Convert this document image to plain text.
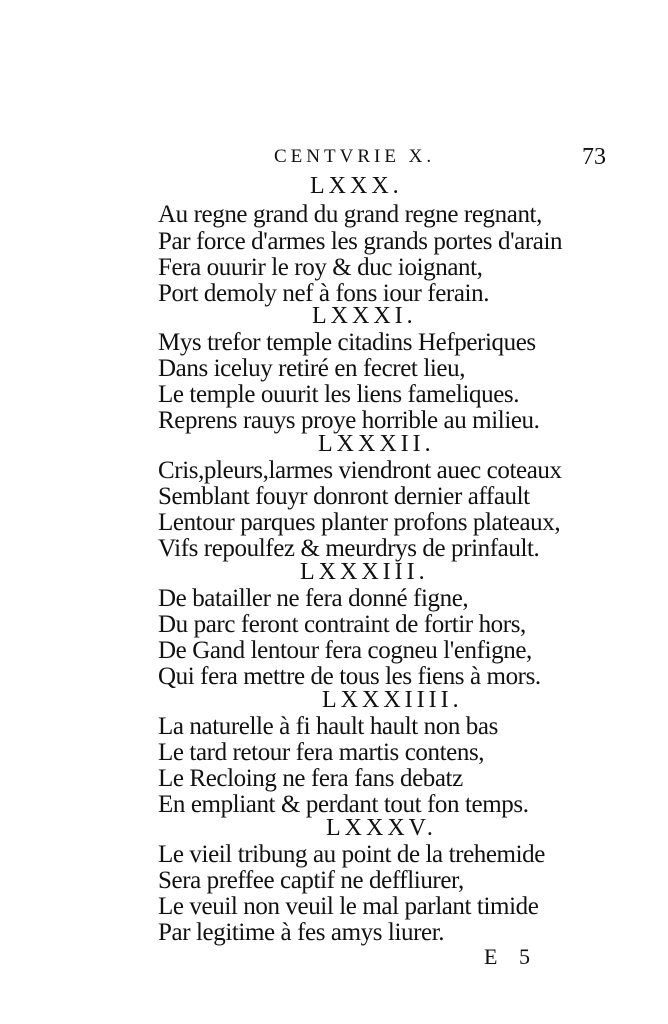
CENTVRIE X.	73
LXXX.
Au regne grand du grand regne regnant,
Par force d'armes les grands portes d'arain
Fera ouurir le roy & duc ioignant,
Port demoly nef à fons iour ferain.
LXXXI.
Mys trefor temple citadins Hefperiques
Dans iceluy retiré en fecret lieu,
Le temple ouurit les liens fameliques.
Reprens rauys proye horrible au milieu.
LXXXII.
Cris,pleurs,larmes viendront auec coteaux
Semblant fouyr donront dernier affault
Lentour parques planter profons plateaux,
Vifs repoulfez & meurdrys de prinfault.
LXXXIII.
De batailler ne fera donné figne,
Du parc feront contraint de fortir hors,
De Gand lentour fera cogneu l'enfigne,
Qui fera mettre de tous les fiens à mors.
LXXXIIII.
La naturelle à fi hault hault non bas
Le tard retour fera martis contens,
Le Recloing ne fera fans debatz
En empliant & perdant tout fon temps.
LXXXV.
Le vieil tribung au point de la trehemide
Sera preffee captif ne deffliurer,
Le veuil non veuil le mal parlant timide
Par legitime à fes amys liurer.
E 5
